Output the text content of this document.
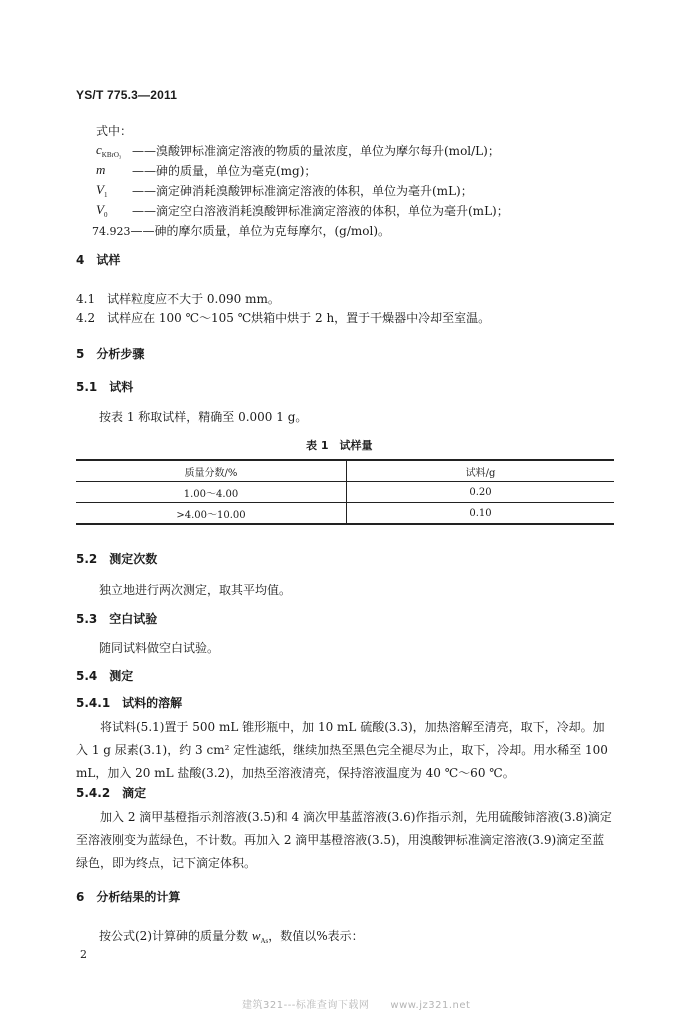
YS/T 775.3—2011
式中：
$c_{KBrO_3}$ ——溴酸钾标准滴定溶液的物质的量浓度，单位为摩尔每升(mol/L)；
m ——砷的质量，单位为毫克(mg)；
$V_1$ ——滴定砷消耗溴酸钾标准滴定溶液的体积，单位为毫升(mL)；
$V_0$ ——滴定空白溶液消耗溴酸钾标准滴定溶液的体积，单位为毫升(mL)；
74.923——砷的摩尔质量，单位为克每摩尔，(g/mol)。
4　试样
4.1　试样粒度应不大于 0.090 mm。
4.2　试样应在 100 ℃～105 ℃烘箱中烘于 2 h，置于干燥器中冷却至室温。
5　分析步骤
5.1　试料
按表 1 称取试样，精确至 0.000 1 g。
表 1　试样量
质量分数/%	试料/g
1.00～4.00	0.20
>4.00～10.00	0.10
5.2　测定次数
独立地进行两次测定，取其平均值。
5.3　空白试验
随同试料做空白试验。
5.4　测定
5.4.1　试料的溶解
将试料(5.1)置于 500 mL 锥形瓶中，加 10 mL 硫酸(3.3)，加热溶解至清亮，取下，冷却。加入 1 g 尿素(3.1)，约 3 cm² 定性滤纸，继续加热至黑色完全褪尽为止，取下，冷却。用水稀至 100 mL，加入 20 mL 盐酸(3.2)，加热至溶液清亮，保持溶液温度为 40 ℃～60 ℃。
5.4.2　滴定
加入 2 滴甲基橙指示剂溶液(3.5)和 4 滴次甲基蓝溶液(3.6)作指示剂，先用硫酸铈溶液(3.8)滴定至溶液刚变为蓝绿色，不计数。再加入 2 滴甲基橙溶液(3.5)，用溴酸钾标准滴定溶液(3.9)滴定至蓝绿色，即为终点，记下滴定体积。
6　分析结果的计算
按公式(2)计算砷的质量分数 $w_{As}$，数值以%表示：
2
建筑321---标准查询下载网　　www.jz321.net
